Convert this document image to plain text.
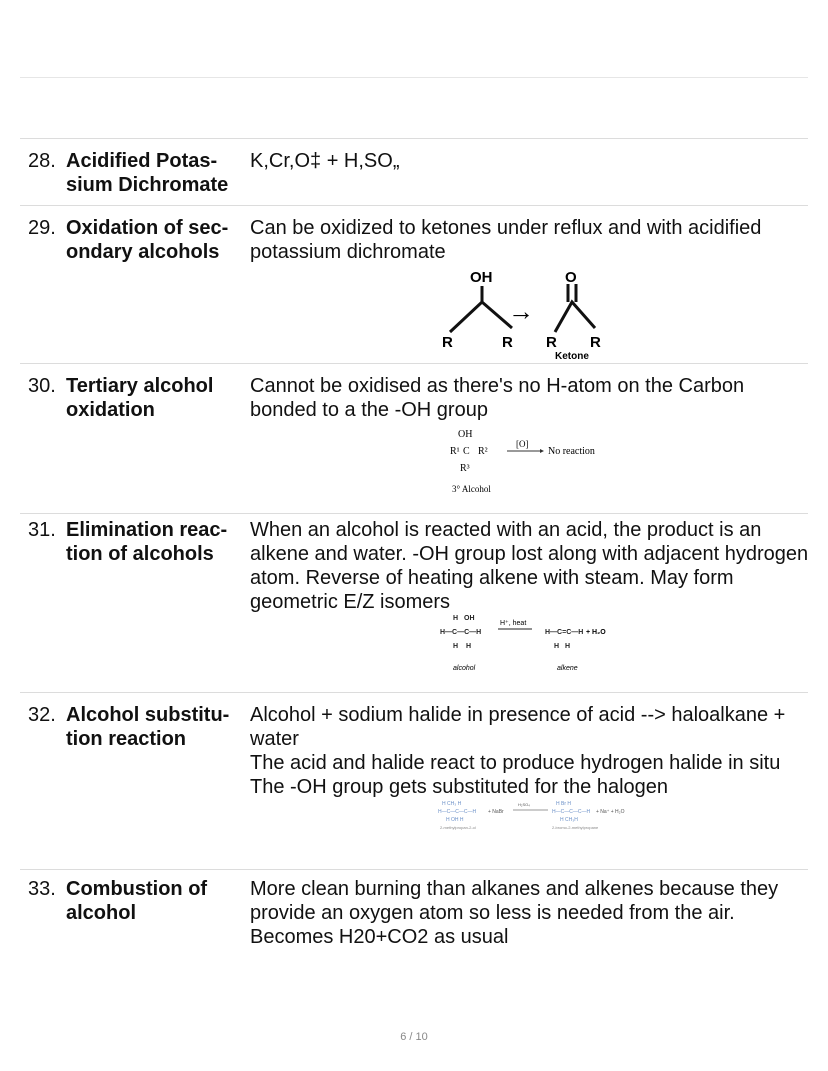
28. Acidified Potas-sium Dichromate
K,Cr,O‡ + H,SO„
29. Oxidation of sec-ondary alcohols
Can be oxidized to ketones under reflux and with acidified potassium dichromate
OH	O
R	R R R
→
Ketone
30. Tertiary alcohol oxidation
Cannot be oxidised as there's no H-atom on the Carbon bonded to a the -OH group
OH
R¹ C R²
R³
[O]
No reaction
3° Alcohol
31. Elimination reac-tion of alcohols
When an alcohol is reacted with an acid, the product is an alkene and water. -OH group lost along with adjacent hydrogen atom. Reverse of heating alkene with steam. May form geometric E/Z isomers
H OH
H—C—C—H
H H
H—C=C—H
H H
H⁺, heat
+ H₂O
alcohol	alkene
32. Alcohol substitu-tion reaction
Alcohol + sodium halide in presence of acid --> haloalkane + water
The acid and halide react to produce hydrogen halide in situ
The -OH group gets substituted for the halogen
H CH₃ H
H—C—C—C—H
H OH H
H Br H
H—C—C—C—H
H CH₃H
+ NaBr
H₂SO₄
+ Na⁺ + H₂O
2-methylpropan-2-ol	2-bromo-2-methylpropane
33. Combustion of alcohol
More clean burning than alkanes and alkenes because they provide an oxygen atom so less is needed from the air. Becomes H20+CO2 as usual
6 / 10
